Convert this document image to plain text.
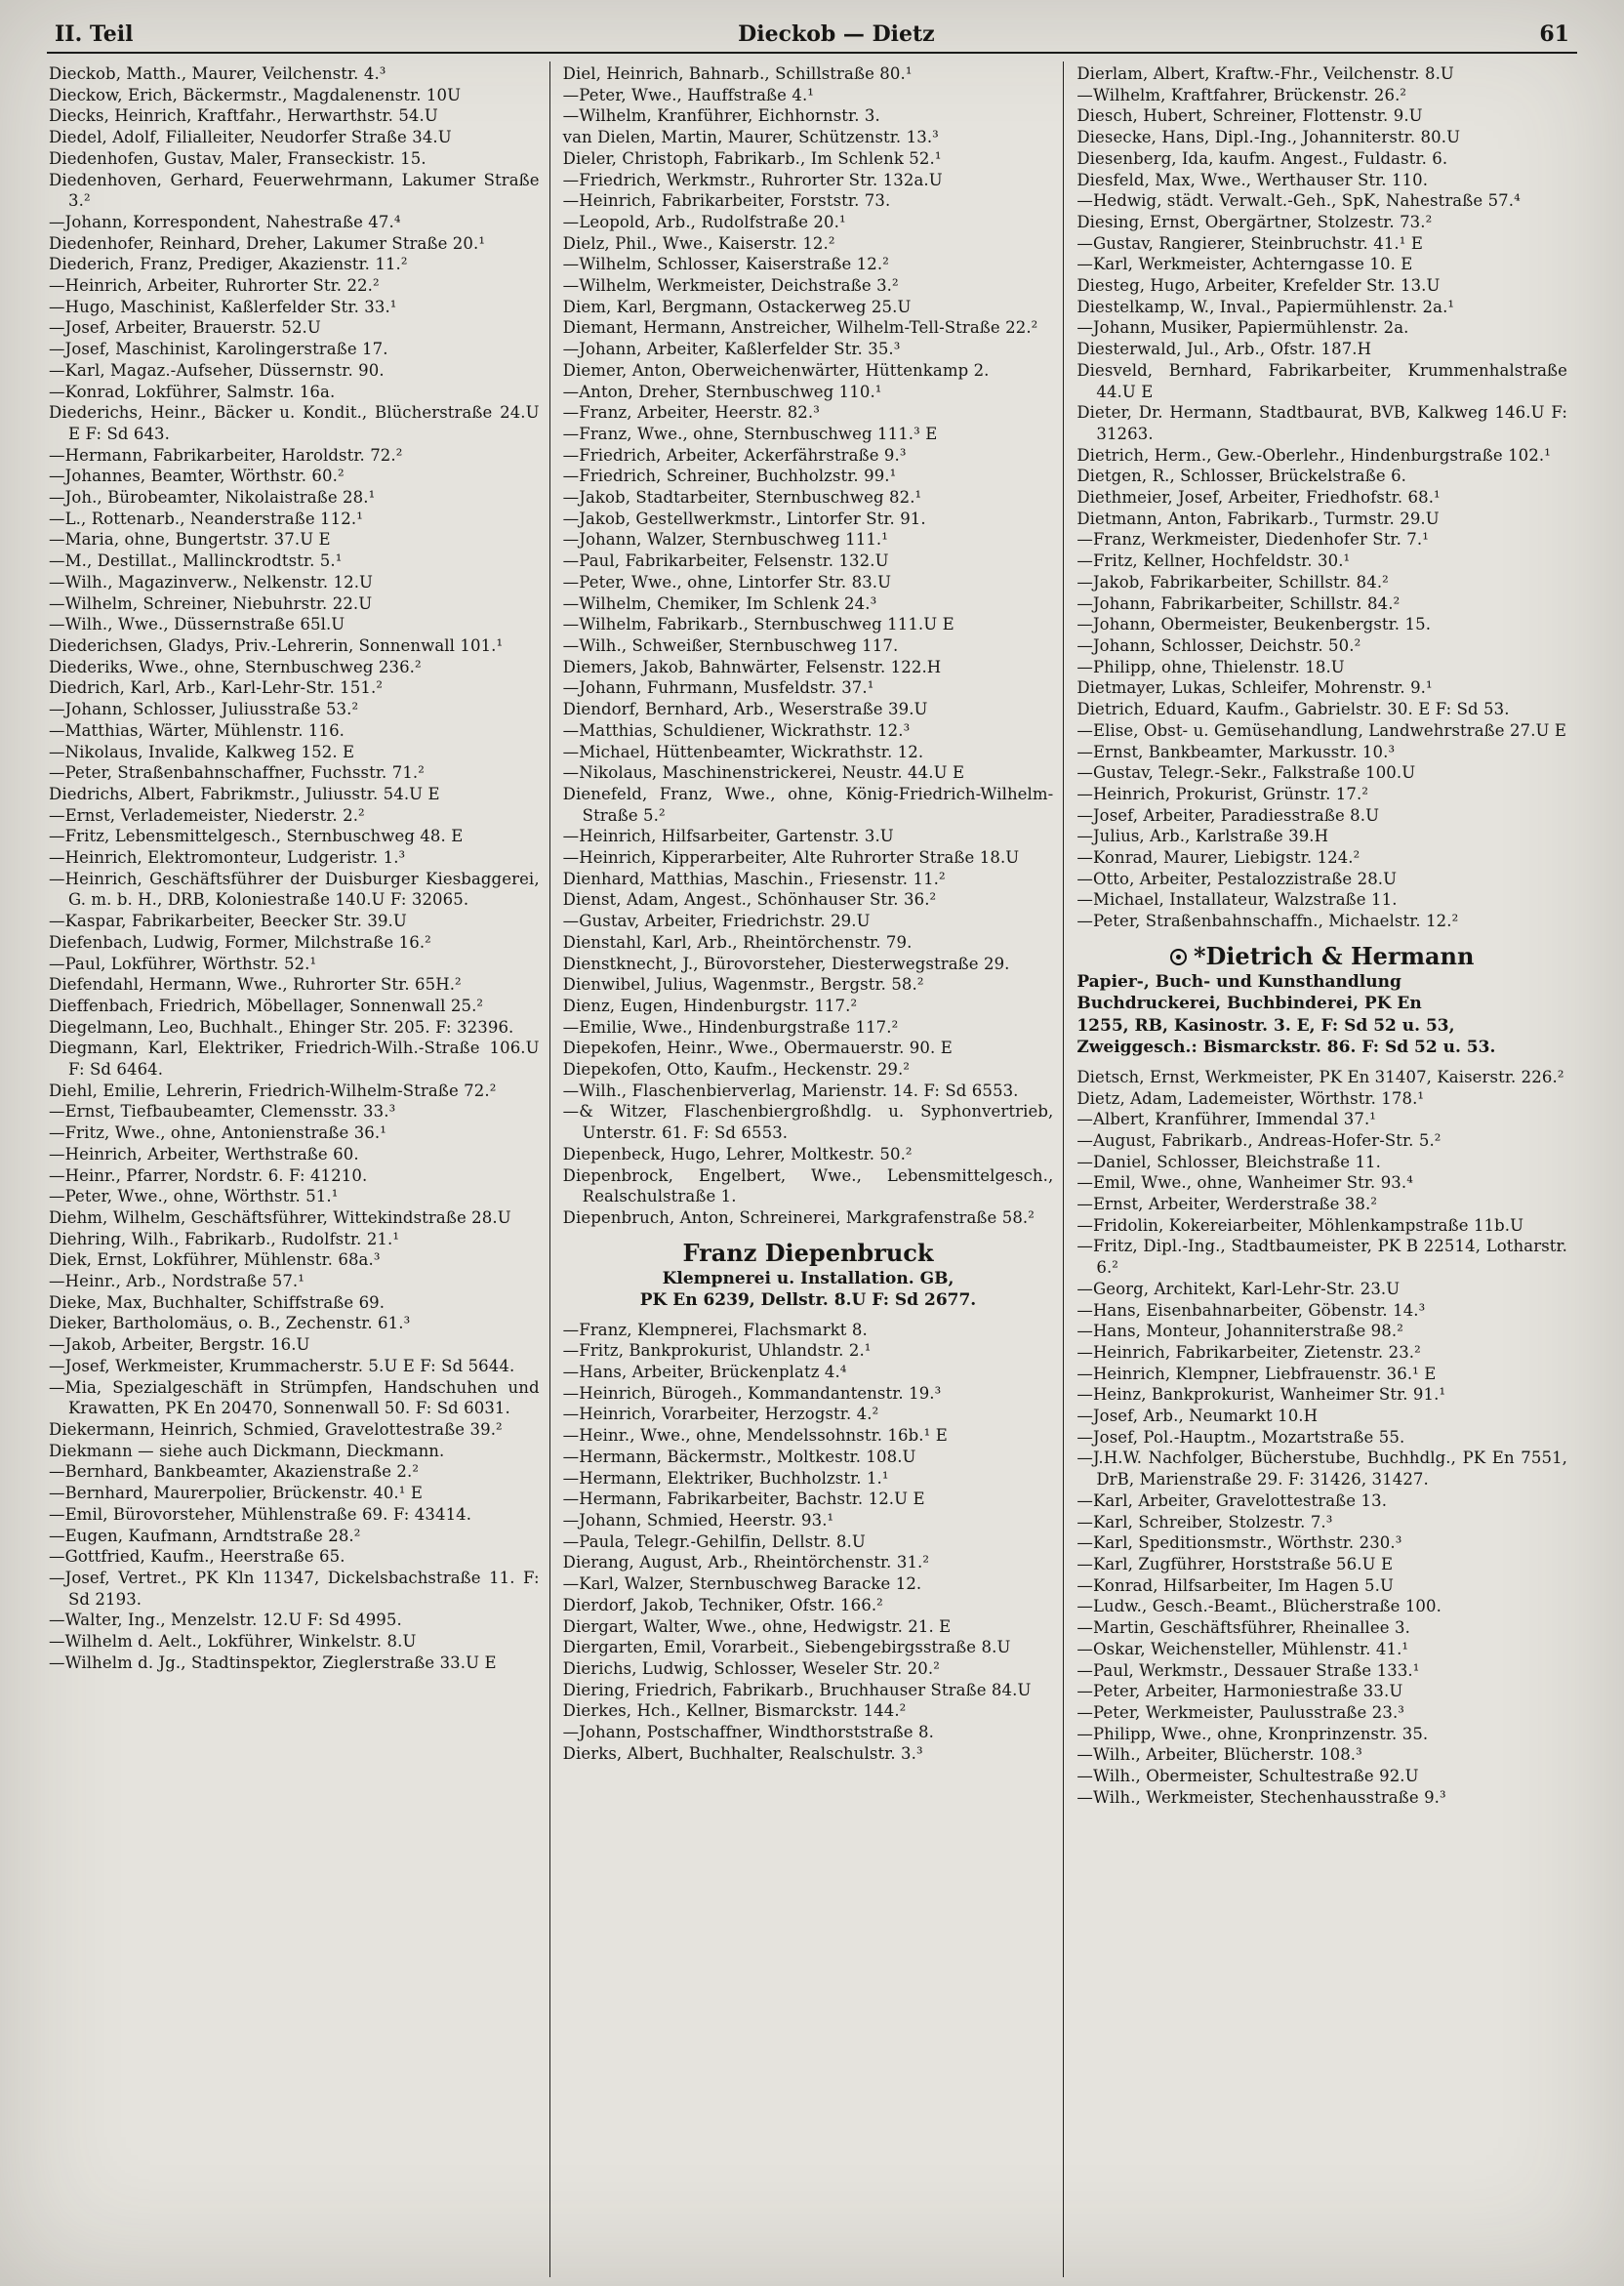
II. Teil	Dieckob — Dietz	61

Dieckob, Matth., Maurer, Veilchenstr. 4.³

Dieckow, Erich, Bäckermstr., Magdalenenstr. 10U

Diecks, Heinrich, Kraftfahr., Herwarthstr. 54.U

Diedel, Adolf, Filialleiter, Neudorfer Straße 34.U

Diedenhofen, Gustav, Maler, Franseckistr. 15.

Diedenhoven, Gerhard, Feuerwehrmann, Lakumer Straße 3.²

—Johann, Korrespondent, Nahestraße 47.⁴

Diedenhofer, Reinhard, Dreher, Lakumer Straße 20.¹

Diederich, Franz, Prediger, Akazienstr. 11.²

—Heinrich, Arbeiter, Ruhrorter Str. 22.²

—Hugo, Maschinist, Kaßlerfelder Str. 33.¹

—Josef, Arbeiter, Brauerstr. 52.U

—Josef, Maschinist, Karolingerstraße 17.

—Karl, Magaz.-Aufseher, Düssernstr. 90.

—Konrad, Lokführer, Salmstr. 16a.

Diederichs, Heinr., Bäcker u. Kondit., Blücherstraße 24.U E F: Sd 643.

—Hermann, Fabrikarbeiter, Haroldstr. 72.²

—Johannes, Beamter, Wörthstr. 60.²

—Joh., Bürobeamter, Nikolaistraße 28.¹

—L., Rottenarb., Neanderstraße 112.¹

—Maria, ohne, Bungertstr. 37.U E

—M., Destillat., Mallinckrodtstr. 5.¹

—Wilh., Magazinverw., Nelkenstr. 12.U

—Wilhelm, Schreiner, Niebuhrstr. 22.U

—Wilh., Wwe., Düssernstraße 65l.U

Diederichsen, Gladys, Priv.-Lehrerin, Sonnenwall 101.¹

Diederiks, Wwe., ohne, Sternbuschweg 236.²

Diedrich, Karl, Arb., Karl-Lehr-Str. 151.²

—Johann, Schlosser, Juliusstraße 53.²

—Matthias, Wärter, Mühlenstr. 116.

—Nikolaus, Invalide, Kalkweg 152. E

—Peter, Straßenbahnschaffner, Fuchsstr. 71.²

Diedrichs, Albert, Fabrikmstr., Juliusstr. 54.U E

—Ernst, Verlademeister, Niederstr. 2.²

—Fritz, Lebensmittelgesch., Sternbuschweg 48. E

—Heinrich, Elektromonteur, Ludgeristr. 1.³

—Heinrich, Geschäftsführer der Duisburger Kiesbaggerei, G. m. b. H., DRB, Koloniestraße 140.U F: 32065.

—Kaspar, Fabrikarbeiter, Beecker Str. 39.U

Diefenbach, Ludwig, Former, Milchstraße 16.²

—Paul, Lokführer, Wörthstr. 52.¹

Diefendahl, Hermann, Wwe., Ruhrorter Str. 65H.²

Dieffenbach, Friedrich, Möbellager, Sonnenwall 25.²

Diegelmann, Leo, Buchhalt., Ehinger Str. 205. F: 32396.

Diegmann, Karl, Elektriker, Friedrich-Wilh.-Straße 106.U F: Sd 6464.

Diehl, Emilie, Lehrerin, Friedrich-Wilhelm-Straße 72.²

—Ernst, Tiefbaubeamter, Clemensstr. 33.³

—Fritz, Wwe., ohne, Antonienstraße 36.¹

—Heinrich, Arbeiter, Werthstraße 60.

—Heinr., Pfarrer, Nordstr. 6. F: 41210.

—Peter, Wwe., ohne, Wörthstr. 51.¹

Diehm, Wilhelm, Geschäftsführer, Wittekindstraße 28.U

Diehring, Wilh., Fabrikarb., Rudolfstr. 21.¹

Diek, Ernst, Lokführer, Mühlenstr. 68a.³

—Heinr., Arb., Nordstraße 57.¹

Dieke, Max, Buchhalter, Schiffstraße 69.

Dieker, Bartholomäus, o. B., Zechenstr. 61.³

—Jakob, Arbeiter, Bergstr. 16.U

—Josef, Werkmeister, Krummacherstr. 5.U E F: Sd 5644.

—Mia, Spezialgeschäft in Strümpfen, Handschuhen und Krawatten, PK En 20470, Sonnenwall 50. F: Sd 6031.

Diekermann, Heinrich, Schmied, Gravelottestraße 39.²

Diekmann — siehe auch Dickmann, Dieckmann.

—Bernhard, Bankbeamter, Akazienstraße 2.²

—Bernhard, Maurerpolier, Brückenstr. 40.¹ E

—Emil, Bürovorsteher, Mühlenstraße 69. F: 43414.

—Eugen, Kaufmann, Arndtstraße 28.²

—Gottfried, Kaufm., Heerstraße 65.

—Josef, Vertret., PK Kln 11347, Dickelsbachstraße 11. F: Sd 2193.

—Walter, Ing., Menzelstr. 12.U F: Sd 4995.

—Wilhelm d. Aelt., Lokführer, Winkelstr. 8.U

—Wilhelm d. Jg., Stadtinspektor, Zieglerstraße 33.U E

Diel, Heinrich, Bahnarb., Schillstraße 80.¹

—Peter, Wwe., Hauffstraße 4.¹

—Wilhelm, Kranführer, Eichhornstr. 3.

van Dielen, Martin, Maurer, Schützenstr. 13.³

Dieler, Christoph, Fabrikarb., Im Schlenk 52.¹

—Friedrich, Werkmstr., Ruhrorter Str. 132a.U

—Heinrich, Fabrikarbeiter, Forststr. 73.

—Leopold, Arb., Rudolfstraße 20.¹

Dielz, Phil., Wwe., Kaiserstr. 12.²

—Wilhelm, Schlosser, Kaiserstraße 12.²

—Wilhelm, Werkmeister, Deichstraße 3.²

Diem, Karl, Bergmann, Ostackerweg 25.U

Diemant, Hermann, Anstreicher, Wilhelm-Tell-Straße 22.²

—Johann, Arbeiter, Kaßlerfelder Str. 35.³

Diemer, Anton, Oberweichenwärter, Hüttenkamp 2.

—Anton, Dreher, Sternbuschweg 110.¹

—Franz, Arbeiter, Heerstr. 82.³

—Franz, Wwe., ohne, Sternbuschweg 111.³ E

—Friedrich, Arbeiter, Ackerfährstraße 9.³

—Friedrich, Schreiner, Buchholzstr. 99.¹

—Jakob, Stadtarbeiter, Sternbuschweg 82.¹

—Jakob, Gestellwerkmstr., Lintorfer Str. 91.

—Johann, Walzer, Sternbuschweg 111.¹

—Paul, Fabrikarbeiter, Felsenstr. 132.U

—Peter, Wwe., ohne, Lintorfer Str. 83.U

—Wilhelm, Chemiker, Im Schlenk 24.³

—Wilhelm, Fabrikarb., Sternbuschweg 111.U E

—Wilh., Schweißer, Sternbuschweg 117.

Diemers, Jakob, Bahnwärter, Felsenstr. 122.H

—Johann, Fuhrmann, Musfeldstr. 37.¹

Diendorf, Bernhard, Arb., Weserstraße 39.U

—Matthias, Schuldiener, Wickrathstr. 12.³

—Michael, Hüttenbeamter, Wickrathstr. 12.

—Nikolaus, Maschinenstrickerei, Neustr. 44.U E

Dienefeld, Franz, Wwe., ohne, König-Friedrich-Wilhelm-Straße 5.²

—Heinrich, Hilfsarbeiter, Gartenstr. 3.U

—Heinrich, Kipperarbeiter, Alte Ruhrorter Straße 18.U

Dienhard, Matthias, Maschin., Friesenstr. 11.²

Dienst, Adam, Angest., Schönhauser Str. 36.²

—Gustav, Arbeiter, Friedrichstr. 29.U

Dienstahl, Karl, Arb., Rheintörchenstr. 79.

Dienstknecht, J., Bürovorsteher, Diesterwegstraße 29.

Dienwibel, Julius, Wagenmstr., Bergstr. 58.²

Dienz, Eugen, Hindenburgstr. 117.²

—Emilie, Wwe., Hindenburgstraße 117.²

Diepekofen, Heinr., Wwe., Obermauerstr. 90. E

Diepekofen, Otto, Kaufm., Heckenstr. 29.²

—Wilh., Flaschenbierverlag, Marienstr. 14. F: Sd 6553.

—& Witzer, Flaschenbiergroßhdlg. u. Syphonvertrieb, Unterstr. 61. F: Sd 6553.

Diepenbeck, Hugo, Lehrer, Moltkestr. 50.²

Diepenbrock, Engelbert, Wwe., Lebensmittelgesch., Realschulstraße 1.

Diepenbruch, Anton, Schreinerei, Markgrafenstraße 58.²

Franz Diepenbruck
Klempnerei u. Installation. GB,
PK En 6239, Dellstr. 8.U F: Sd 2677.

—Franz, Klempnerei, Flachsmarkt 8.

—Fritz, Bankprokurist, Uhlandstr. 2.¹

—Hans, Arbeiter, Brückenplatz 4.⁴

—Heinrich, Bürogeh., Kommandantenstr. 19.³

—Heinrich, Vorarbeiter, Herzogstr. 4.²

—Heinr., Wwe., ohne, Mendelssohnstr. 16b.¹ E

—Hermann, Bäckermstr., Moltkestr. 108.U

—Hermann, Elektriker, Buchholzstr. 1.¹

—Hermann, Fabrikarbeiter, Bachstr. 12.U E

—Johann, Schmied, Heerstr. 93.¹

—Paula, Telegr.-Gehilfin, Dellstr. 8.U

Dierang, August, Arb., Rheintörchenstr. 31.²

—Karl, Walzer, Sternbuschweg Baracke 12.

Dierdorf, Jakob, Techniker, Ofstr. 166.²

Diergart, Walter, Wwe., ohne, Hedwigstr. 21. E

Diergarten, Emil, Vorarbeit., Siebengebirgsstraße 8.U

Dierichs, Ludwig, Schlosser, Weseler Str. 20.²

Diering, Friedrich, Fabrikarb., Bruchhauser Straße 84.U

Dierkes, Hch., Kellner, Bismarckstr. 144.²

—Johann, Postschaffner, Windthorststraße 8.

Dierks, Albert, Buchhalter, Realschulstr. 3.³

Dierlam, Albert, Kraftw.-Fhr., Veilchenstr. 8.U

—Wilhelm, Kraftfahrer, Brückenstr. 26.²

Diesch, Hubert, Schreiner, Flottenstr. 9.U

Diesecke, Hans, Dipl.-Ing., Johanniterstr. 80.U

Diesenberg, Ida, kaufm. Angest., Fuldastr. 6.

Diesfeld, Max, Wwe., Werthauser Str. 110.

—Hedwig, städt. Verwalt.-Geh., SpK, Nahestraße 57.⁴

Diesing, Ernst, Obergärtner, Stolzestr. 73.²

—Gustav, Rangierer, Steinbruchstr. 41.¹ E

—Karl, Werkmeister, Achterngasse 10. E

Diesteg, Hugo, Arbeiter, Krefelder Str. 13.U

Diestelkamp, W., Inval., Papiermühlenstr. 2a.¹

—Johann, Musiker, Papiermühlenstr. 2a.

Diesterwald, Jul., Arb., Ofstr. 187.H

Diesveld, Bernhard, Fabrikarbeiter, Krummenhalstraße 44.U E

Dieter, Dr. Hermann, Stadtbaurat, BVB, Kalkweg 146.U F: 31263.

Dietrich, Herm., Gew.-Oberlehr., Hindenburgstraße 102.¹

Dietgen, R., Schlosser, Brückelstraße 6.

Diethmeier, Josef, Arbeiter, Friedhofstr. 68.¹

Dietmann, Anton, Fabrikarb., Turmstr. 29.U

—Franz, Werkmeister, Diedenhofer Str. 7.¹

—Fritz, Kellner, Hochfeldstr. 30.¹

—Jakob, Fabrikarbeiter, Schillstr. 84.²

—Johann, Fabrikarbeiter, Schillstr. 84.²

—Johann, Obermeister, Beukenbergstr. 15.

—Johann, Schlosser, Deichstr. 50.²

—Philipp, ohne, Thielenstr. 18.U

Dietmayer, Lukas, Schleifer, Mohrenstr. 9.¹

Dietrich, Eduard, Kaufm., Gabrielstr. 30. E F: Sd 53.

—Elise, Obst- u. Gemüsehandlung, Landwehrstraße 27.U E

—Ernst, Bankbeamter, Markusstr. 10.³

—Gustav, Telegr.-Sekr., Falkstraße 100.U

—Heinrich, Prokurist, Grünstr. 17.²

—Josef, Arbeiter, Paradiesstraße 8.U

—Julius, Arb., Karlstraße 39.H

—Konrad, Maurer, Liebigstr. 124.²

—Otto, Arbeiter, Pestalozzistraße 28.U

—Michael, Installateur, Walzstraße 11.

—Peter, Straßenbahnschaffn., Michaelstr. 12.²

*Dietrich & Hermann
Papier-, Buch- und Kunsthandlung
Buchdruckerei, Buchbinderei, PK En
1255, RB, Kasinostr. 3. E, F: Sd 52 u. 53,
Zweiggesch.: Bismarckstr. 86. F: Sd 52 u. 53.

Dietsch, Ernst, Werkmeister, PK En 31407, Kaiserstr. 226.²

Dietz, Adam, Lademeister, Wörthstr. 178.¹

—Albert, Kranführer, Immendal 37.¹

—August, Fabrikarb., Andreas-Hofer-Str. 5.²

—Daniel, Schlosser, Bleichstraße 11.

—Emil, Wwe., ohne, Wanheimer Str. 93.⁴

—Ernst, Arbeiter, Werderstraße 38.²

—Fridolin, Kokereiarbeiter, Möhlenkampstraße 11b.U

—Fritz, Dipl.-Ing., Stadtbaumeister, PK B 22514, Lotharstr. 6.²

—Georg, Architekt, Karl-Lehr-Str. 23.U

—Hans, Eisenbahnarbeiter, Göbenstr. 14.³

—Hans, Monteur, Johanniterstraße 98.²

—Heinrich, Fabrikarbeiter, Zietenstr. 23.²

—Heinrich, Klempner, Liebfrauenstr. 36.¹ E

—Heinz, Bankprokurist, Wanheimer Str. 91.¹

—Josef, Arb., Neumarkt 10.H

—Josef, Pol.-Hauptm., Mozartstraße 55.

—J.H.W. Nachfolger, Bücherstube, Buchhdlg., PK En 7551, DrB, Marienstraße 29. F: 31426, 31427.

—Karl, Arbeiter, Gravelottestraße 13.

—Karl, Schreiber, Stolzestr. 7.³

—Karl, Speditionsmstr., Wörthstr. 230.³

—Karl, Zugführer, Horststraße 56.U E

—Konrad, Hilfsarbeiter, Im Hagen 5.U

—Ludw., Gesch.-Beamt., Blücherstraße 100.

—Martin, Geschäftsführer, Rheinallee 3.

—Oskar, Weichensteller, Mühlenstr. 41.¹

—Paul, Werkmstr., Dessauer Straße 133.¹

—Peter, Arbeiter, Harmoniestraße 33.U

—Peter, Werkmeister, Paulusstraße 23.³

—Philipp, Wwe., ohne, Kronprinzenstr. 35.

—Wilh., Arbeiter, Blücherstr. 108.³

—Wilh., Obermeister, Schultestraße 92.U

—Wilh., Werkmeister, Stechenhausstraße 9.³
